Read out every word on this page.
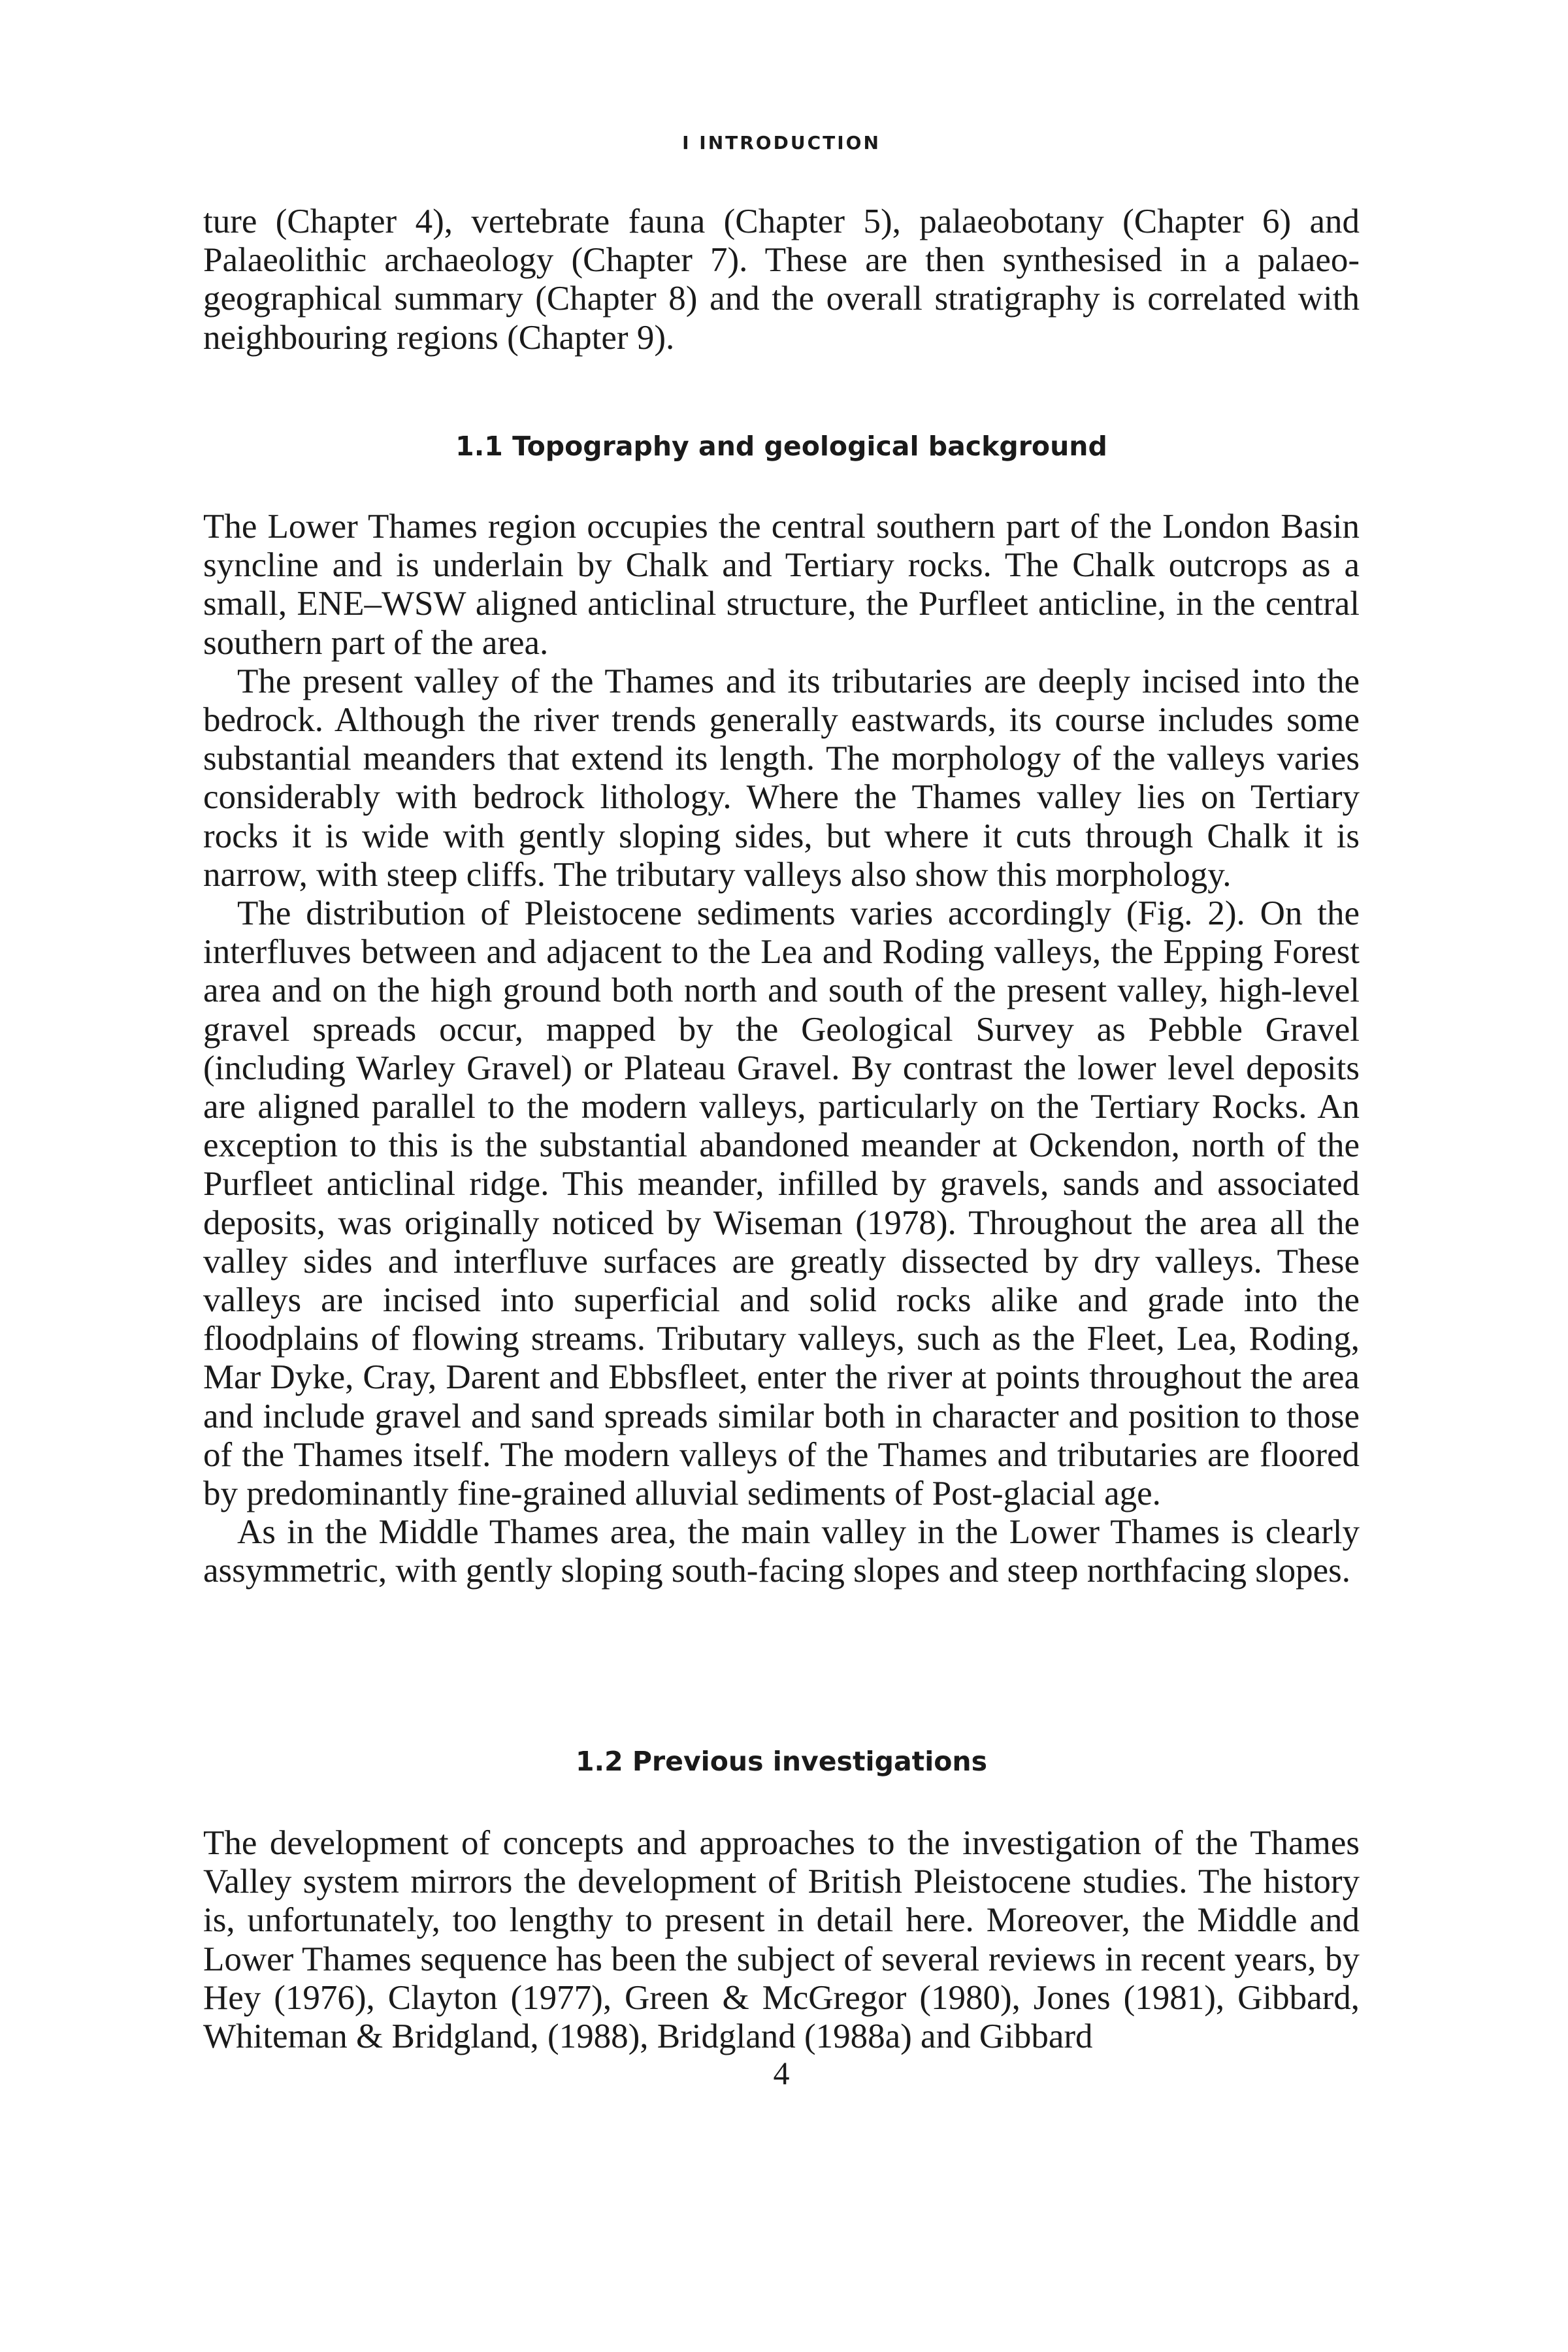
I INTRODUCTION

ture (Chapter 4), vertebrate fauna (Chapter 5), palaeobotany (Chapter 6) and Palaeolithic archaeology (Chapter 7). These are then synthesised in a palaeogeographical summary (Chapter 8) and the overall stratigraphy is correlated with neighbouring regions (Chapter 9).

1.1 Topography and geological background

The Lower Thames region occupies the central southern part of the London Basin syncline and is underlain by Chalk and Tertiary rocks. The Chalk outcrops as a small, ENE–WSW aligned anticlinal structure, the Purfleet anticline, in the central southern part of the area.

The present valley of the Thames and its tributaries are deeply incised into the bedrock. Although the river trends generally eastwards, its course includes some substantial meanders that extend its length. The morphology of the valleys varies considerably with bedrock lithology. Where the Thames valley lies on Tertiary rocks it is wide with gently sloping sides, but where it cuts through Chalk it is narrow, with steep cliffs. The tributary valleys also show this morphology.

The distribution of Pleistocene sediments varies accordingly (Fig. 2). On the interfluves between and adjacent to the Lea and Roding valleys, the Epping Forest area and on the high ground both north and south of the present valley, high-level gravel spreads occur, mapped by the Geological Survey as Pebble Gravel (including Warley Gravel) or Plateau Gravel. By contrast the lower level deposits are aligned parallel to the modern valleys, particularly on the Tertiary Rocks. An exception to this is the substantial abandoned meander at Ockendon, north of the Purfleet anticlinal ridge. This meander, infilled by gravels, sands and associated deposits, was originally noticed by Wiseman (1978). Throughout the area all the valley sides and interfluve surfaces are greatly dissected by dry valleys. These valleys are incised into superficial and solid rocks alike and grade into the floodplains of flowing streams. Tributary valleys, such as the Fleet, Lea, Roding, Mar Dyke, Cray, Darent and Ebbsfleet, enter the river at points throughout the area and include gravel and sand spreads similar both in character and position to those of the Thames itself. The modern valleys of the Thames and tributaries are floored by predominantly fine-grained alluvial sediments of Post-glacial age.

As in the Middle Thames area, the main valley in the Lower Thames is clearly assymmetric, with gently sloping south-facing slopes and steep northfacing slopes.

1.2 Previous investigations

The development of concepts and approaches to the investigation of the Thames Valley system mirrors the development of British Pleistocene studies. The history is, unfortunately, too lengthy to present in detail here. Moreover, the Middle and Lower Thames sequence has been the subject of several reviews in recent years, by Hey (1976), Clayton (1977), Green & McGregor (1980), Jones (1981), Gibbard, Whiteman & Bridgland, (1988), Bridgland (1988a) and Gibbard

4
